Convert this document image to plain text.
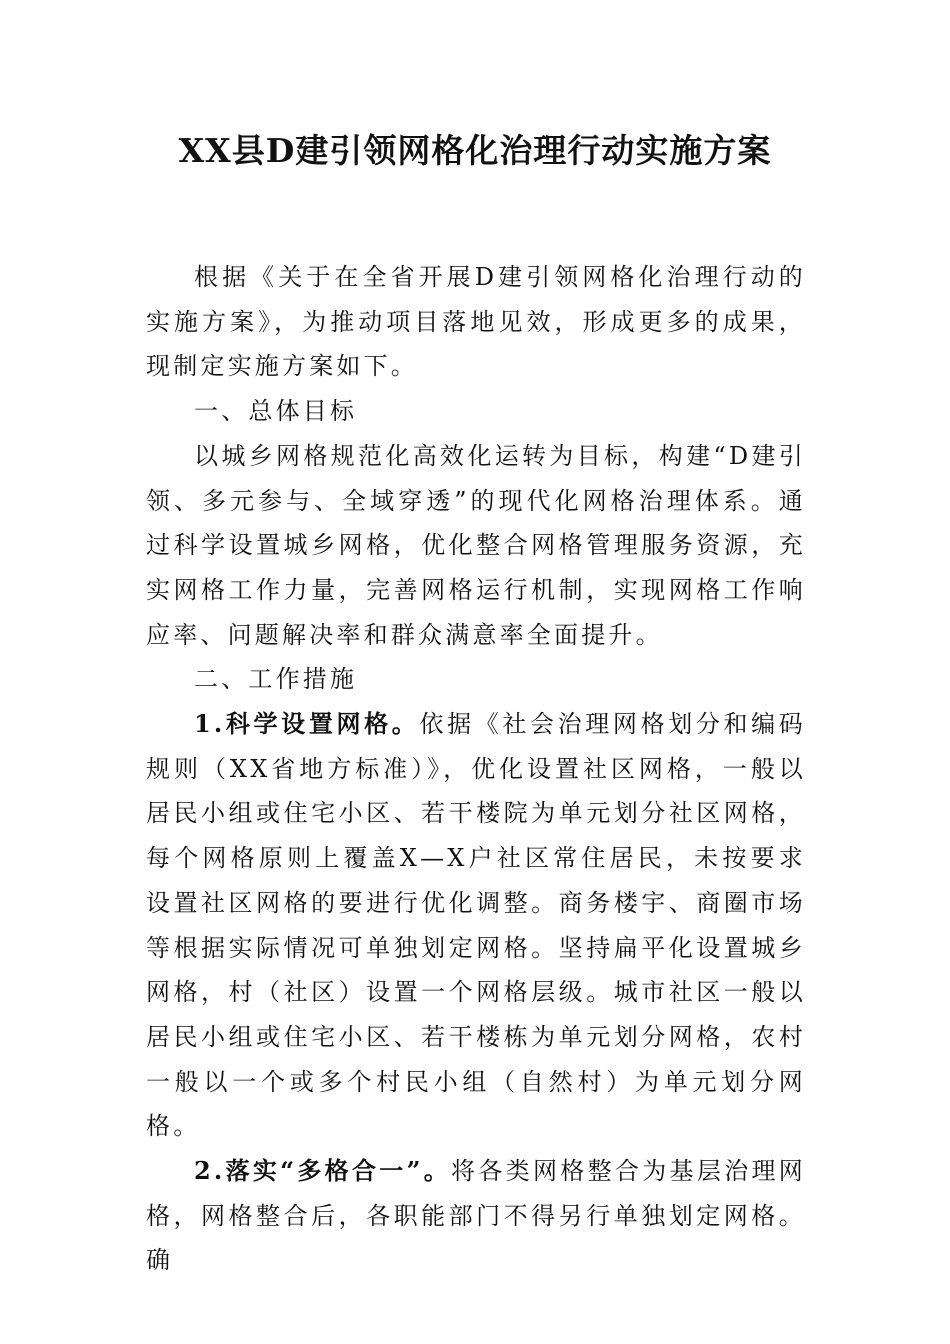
XX县D建引领网格化治理行动实施方案

根据《关于在全省开展D建引领网格化治理行动的实施方案》，为推动项目落地见效，形成更多的成果，现制定实施方案如下。

一、总体目标

以城乡网格规范化高效化运转为目标，构建“D建引领、多元参与、全域穿透”的现代化网格治理体系。通过科学设置城乡网格，优化整合网格管理服务资源，充实网格工作力量，完善网格运行机制，实现网格工作响应率、问题解决率和群众满意率全面提升。

二、工作措施

1.科学设置网格。依据《社会治理网格划分和编码规则（XX省地方标准）》，优化设置社区网格，一般以居民小组或住宅小区、若干楼院为单元划分社区网格，每个网格原则上覆盖X—X户社区常住居民，未按要求设置社区网格的要进行优化调整。商务楼宇、商圈市场等根据实际情况可单独划定网格。坚持扁平化设置城乡网格，村（社区）设置一个网格层级。城市社区一般以居民小组或住宅小区、若干楼栋为单元划分网格，农村一般以一个或多个村民小组（自然村）为单元划分网格。

2.落实“多格合一”。将各类网格整合为基层治理网格，网格整合后，各职能部门不得另行单独划定网格。确
